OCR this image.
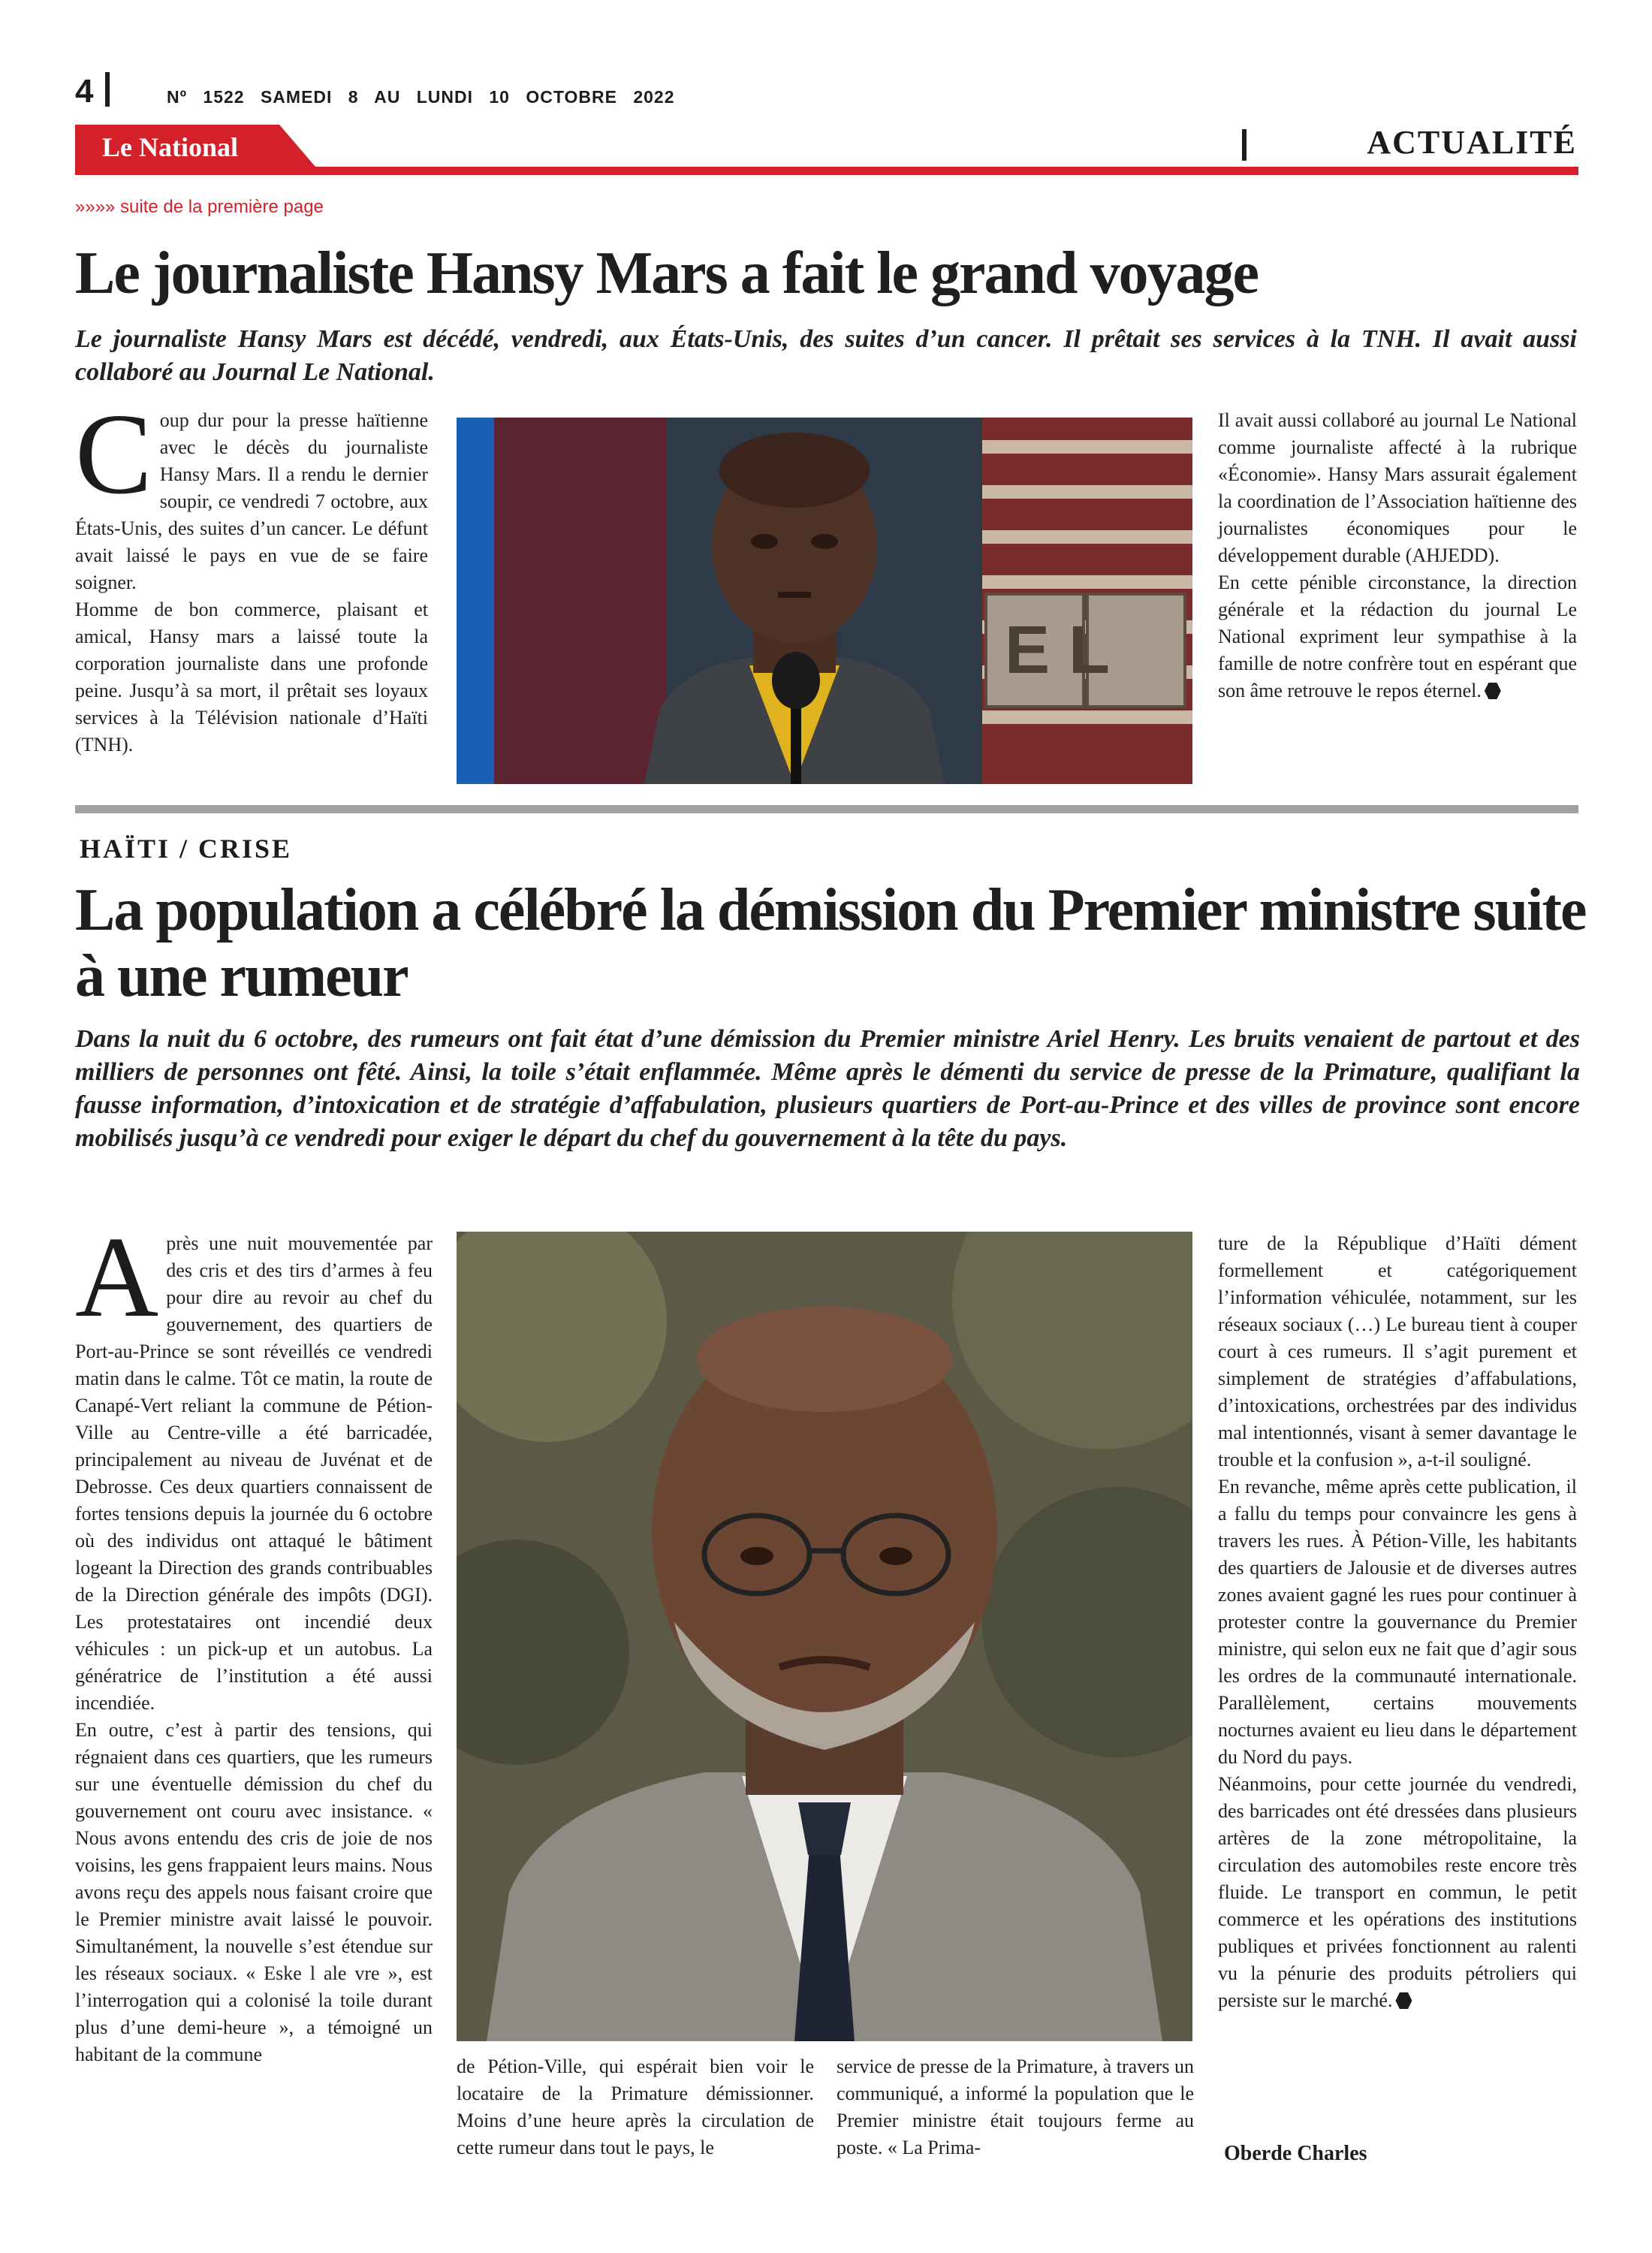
4	Nº 1522 SAMEDI 8 AU LUNDI 10 OCTOBRE 2022
Le National	ACTUALITÉ
»»»» suite de la première page
Le journaliste Hansy Mars a fait le grand voyage
Le journaliste Hansy Mars est décédé, vendredi, aux États-Unis, des suites d’un cancer. Il prêtait ses services à la TNH. Il avait aussi collaboré au Journal Le National.
C oup dur pour la presse haïtienne avec le décès du journaliste Hansy Mars. Il a rendu le dernier soupir, ce vendredi 7 octobre, aux États-Unis, des suites d’un cancer. Le défunt avait laissé le pays en vue de se faire soigner.

Homme de bon commerce, plaisant et amical, Hansy mars a laissé toute la corporation journaliste dans une profonde peine. Jusqu’à sa mort, il prêtait ses loyaux services à la Télévision nationale d’Haïti (TNH).

E L

Il avait aussi collaboré au journal Le National comme journaliste affecté à la rubrique «Économie». Hansy Mars assurait également la coordination de l’Association haïtienne des journalistes économiques pour le développement durable (AHJEDD).

En cette pénible circonstance, la direction générale et la rédaction du journal Le National expriment leur sympathise à la famille de notre confrère tout en espérant que son âme retrouve le repos éternel.

HAÏTI / CRISE
La population a célébré la démission du Premier ministre suite à une rumeur
Dans la nuit du 6 octobre, des rumeurs ont fait état d’une démission du Premier ministre Ariel Henry. Les bruits venaient de partout et des milliers de personnes ont fêté. Ainsi, la toile s’était enflammée. Même après le démenti du service de presse de la Primature, qualifiant la fausse information, d’intoxication et de stratégie d’affabulation, plusieurs quartiers de Port-au-Prince et des villes de province sont encore mobilisés jusqu’à ce vendredi pour exiger le départ du chef du gouvernement à la tête du pays.
A près une nuit mouvementée par des cris et des tirs d’armes à feu pour dire au revoir au chef du gouvernement, des quartiers de Port-au-Prince se sont réveillés ce vendredi matin dans le calme. Tôt ce matin, la route de Canapé-Vert reliant la commune de Pétion-Ville au Centre-ville a été barricadée, principalement au niveau de Juvénat et de Debrosse. Ces deux quartiers connaissent de fortes tensions depuis la journée du 6 octobre où des individus ont attaqué le bâtiment logeant la Direction des grands contribuables de la Direction générale des impôts (DGI). Les protestataires ont incendié deux véhicules : un pick-up et un autobus. La génératrice de l’institution a été aussi incendiée.

En outre, c’est à partir des tensions, qui régnaient dans ces quartiers, que les rumeurs sur une éventuelle démission du chef du gouvernement ont couru avec insistance. « Nous avons entendu des cris de joie de nos voisins, les gens frappaient leurs mains. Nous avons reçu des appels nous faisant croire que le Premier ministre avait laissé le pouvoir. Simultanément, la nouvelle s’est étendue sur les réseaux sociaux. « Eske l ale vre », est l’interrogation qui a colonisé la toile durant plus d’une demi-heure », a témoigné un habitant de la commune

de Pétion-Ville, qui espérait bien voir le locataire de la Primature démissionner. Moins d’une heure après la circulation de cette rumeur dans tout le pays, le

service de presse de la Primature, à travers un communiqué, a informé la population que le Premier ministre était toujours ferme au poste. « La Prima-

ture de la République d’Haïti dément formellement et catégoriquement l’information véhiculée, notamment, sur les réseaux sociaux (…) Le bureau tient à couper court à ces rumeurs. Il s’agit purement et simplement de stratégies d’affabulations, d’intoxications, orchestrées par des individus mal intentionnés, visant à semer davantage le trouble et la confusion », a-t-il souligné.

En revanche, même après cette publication, il a fallu du temps pour convaincre les gens à travers les rues. À Pétion-Ville, les habitants des quartiers de Jalousie et de diverses autres zones avaient gagné les rues pour continuer à protester contre la gouvernance du Premier ministre, qui selon eux ne fait que d’agir sous les ordres de la communauté internationale. Parallèlement, certains mouvements nocturnes avaient eu lieu dans le département du Nord du pays.

Néanmoins, pour cette journée du vendredi, des barricades ont été dressées dans plusieurs artères de la zone métropolitaine, la circulation des automobiles reste encore très fluide. Le transport en commun, le petit commerce et les opérations des institutions publiques et privées fonctionnent au ralenti vu la pénurie des produits pétroliers qui persiste sur le marché.

Oberde Charles
